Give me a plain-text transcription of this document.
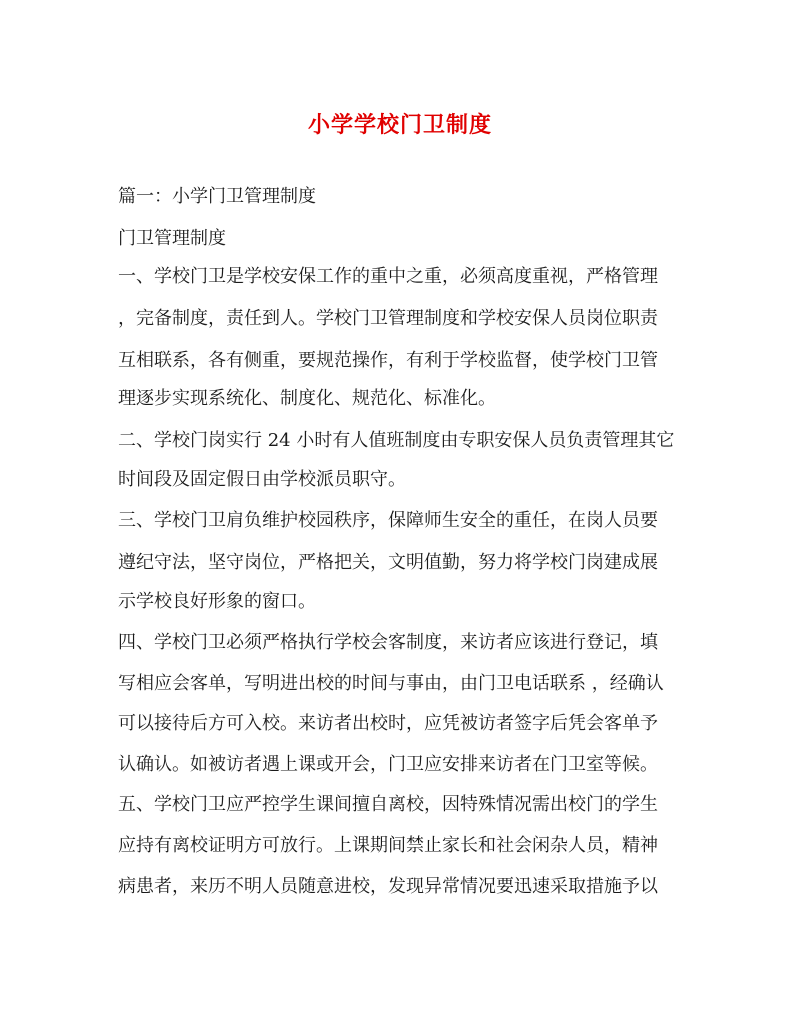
小学学校门卫制度
篇一：小学门卫管理制度
门卫管理制度
一、学校门卫是学校安保工作的重中之重，必须高度重视，严格管理
，完备制度，责任到人。学校门卫管理制度和学校安保人员岗位职责
互相联系，各有侧重，要规范操作，有利于学校监督，使学校门卫管
理逐步实现系统化、制度化、规范化、标准化。
二、学校门岗实行 24 小时有人值班制度由专职安保人员负责管理其它
时间段及固定假日由学校派员职守。
三、学校门卫肩负维护校园秩序，保障师生安全的重任，在岗人员要
遵纪守法，坚守岗位，严格把关，文明值勤，努力将学校门岗建成展
示学校良好形象的窗口。
四、学校门卫必须严格执行学校会客制度，来访者应该进行登记，填
写相应会客单，写明进出校的时间与事由，由门卫电话联系 ，经确认
可以接待后方可入校。来访者出校时，应凭被访者签字后凭会客单予
认确认。如被访者遇上课或开会，门卫应安排来访者在门卫室等候。
五、学校门卫应严控学生课间擅自离校，因特殊情况需出校门的学生
应持有离校证明方可放行。上课期间禁止家长和社会闲杂人员，精神
病患者，来历不明人员随意进校，发现异常情况要迅速采取措施予以
